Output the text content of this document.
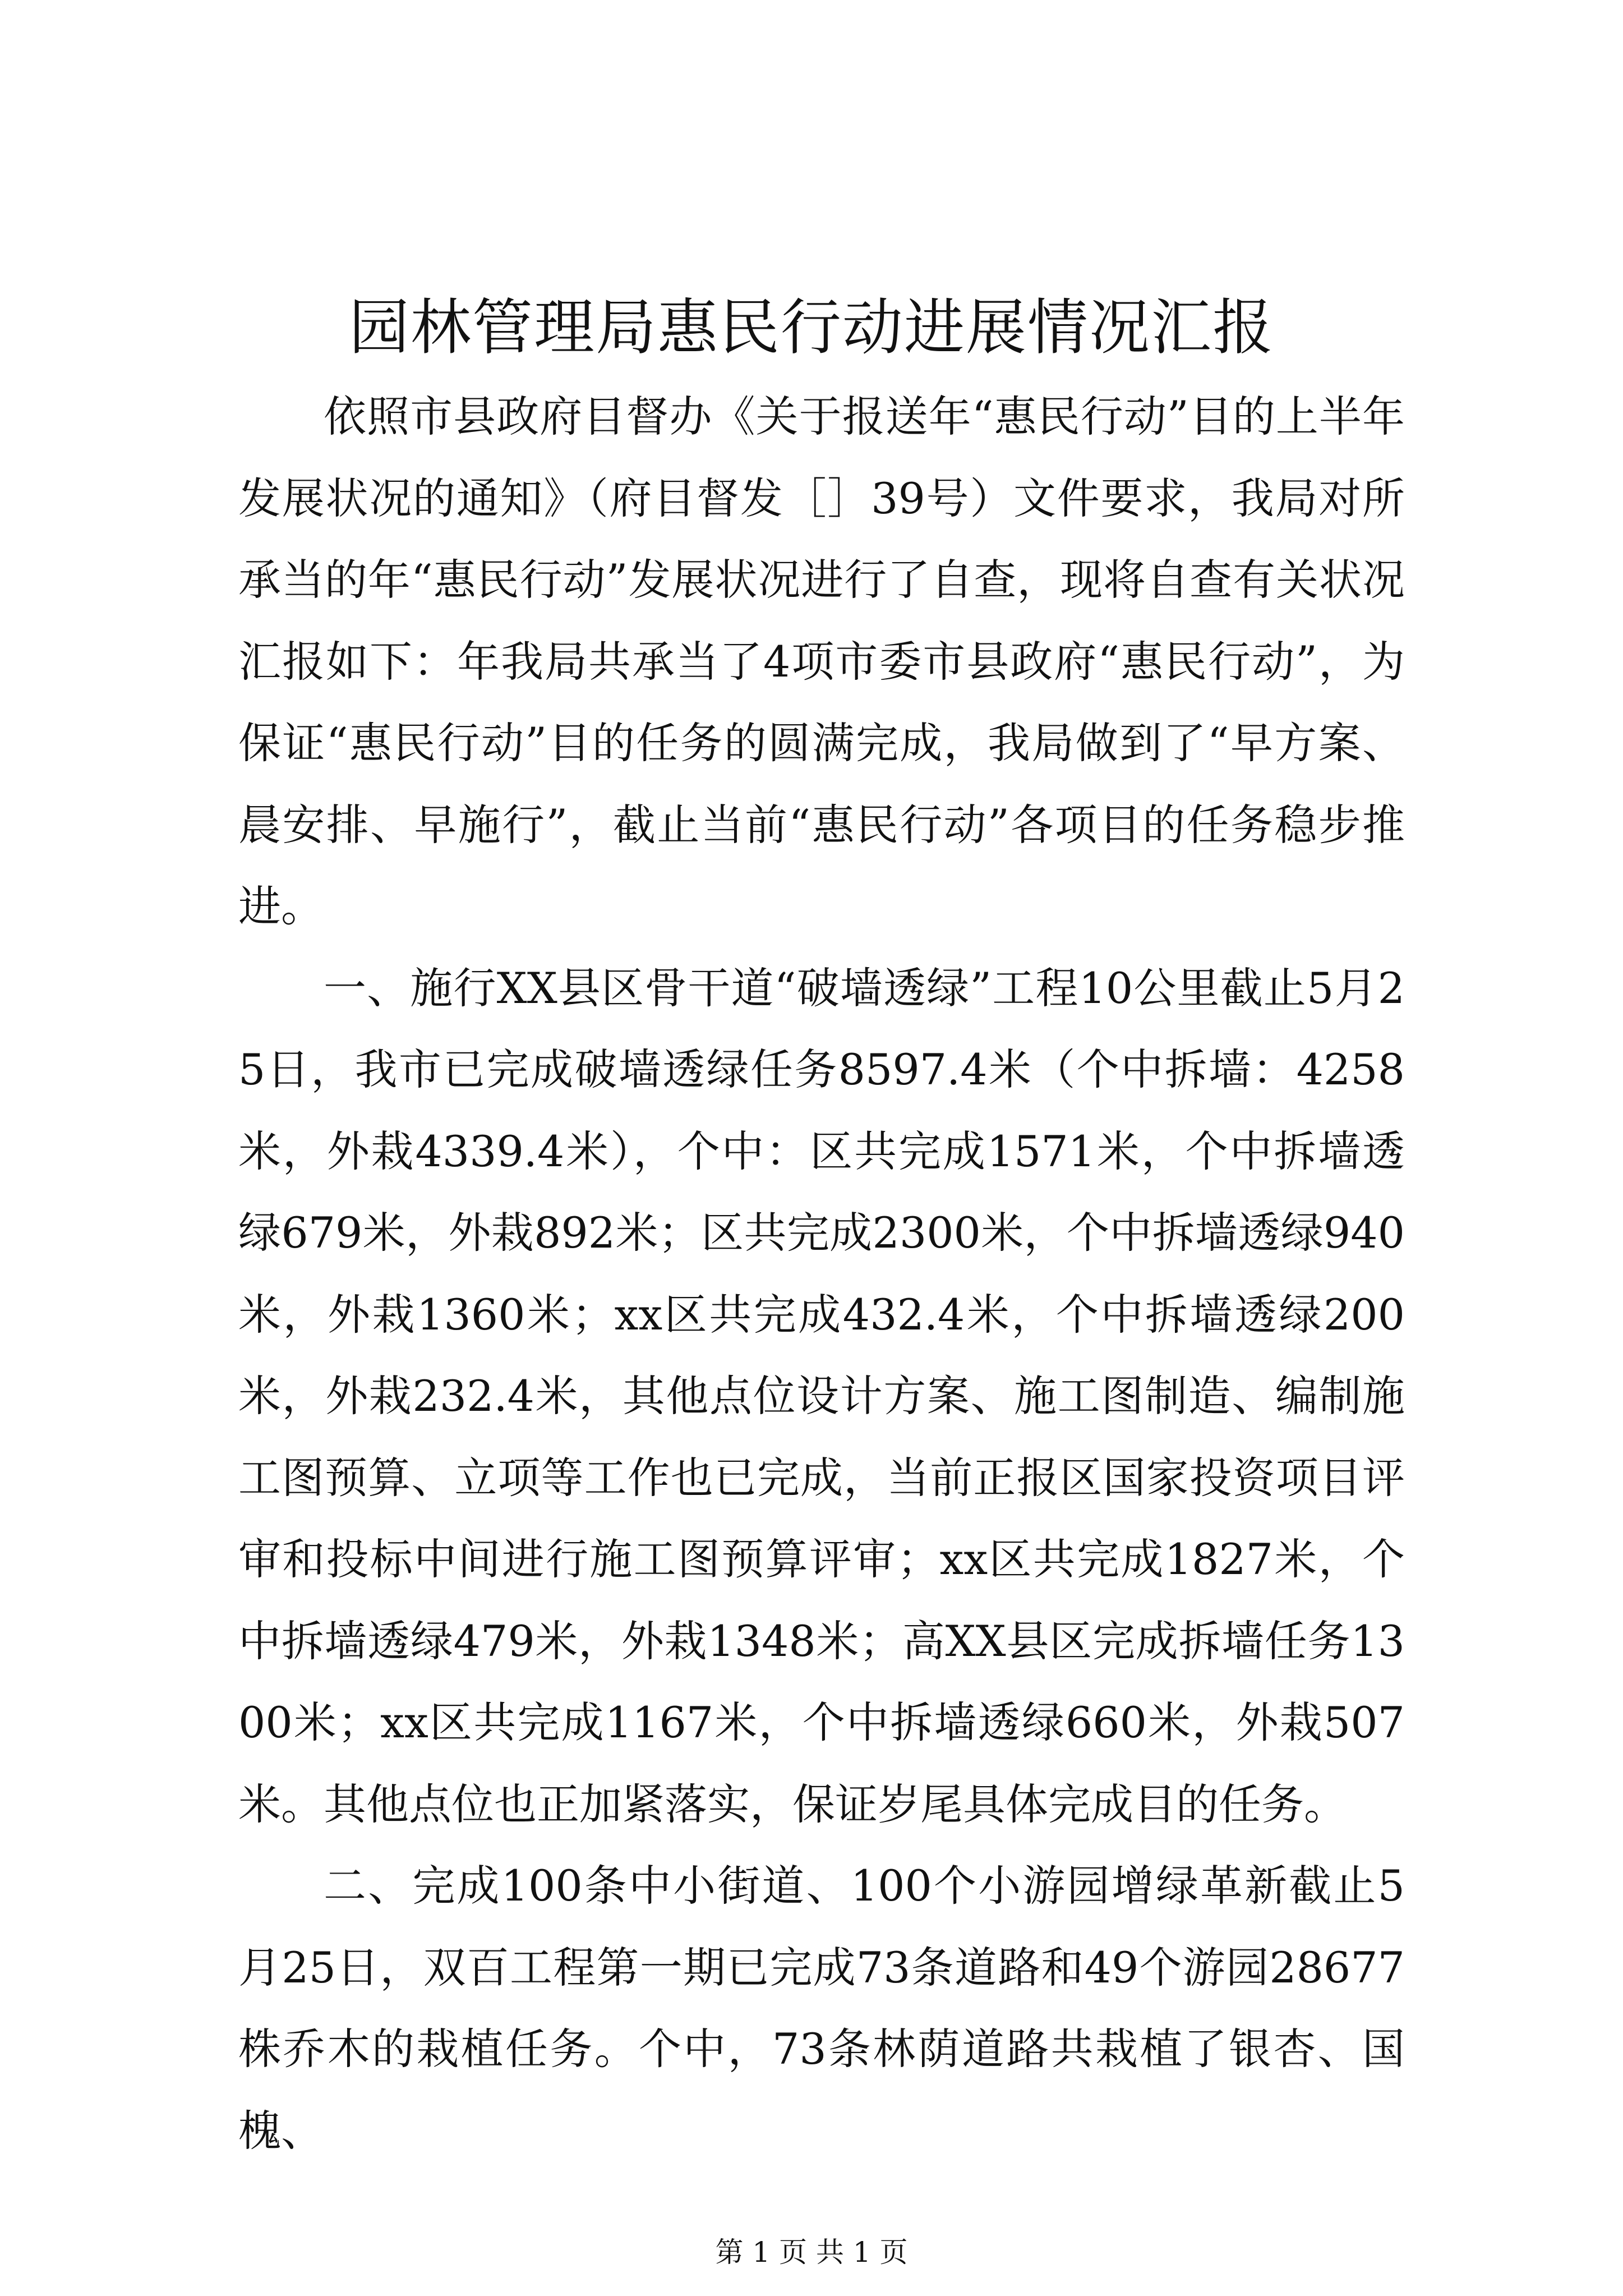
园林管理局惠民行动进展情况汇报

依照市县政府目督办《关于报送年“惠民行动”目的上半年发展状况的通知》（府目督发［］39号）文件要求，我局对所承当的年“惠民行动”发展状况进行了自查，现将自查有关状况汇报如下：年我局共承当了4项市委市县政府“惠民行动”，为保证“惠民行动”目的任务的圆满完成，我局做到了“早方案、晨安排、早施行”，截止当前“惠民行动”各项目的任务稳步推进。

一、施行XX县区骨干道“破墙透绿”工程10公里截止5月25日，我市已完成破墙透绿任务8597.4米（个中拆墙：4258米，外栽4339.4米），个中：区共完成1571米，个中拆墙透绿679米，外栽892米；区共完成2300米，个中拆墙透绿940米，外栽1360米；xx区共完成432.4米，个中拆墙透绿200米，外栽232.4米，其他点位设计方案、施工图制造、编制施工图预算、立项等工作也已完成，当前正报区国家投资项目评审和投标中间进行施工图预算评审；xx区共完成1827米，个中拆墙透绿479米，外栽1348米；高XX县区完成拆墙任务1300米；xx区共完成1167米，个中拆墙透绿660米，外栽507米。其他点位也正加紧落实，保证岁尾具体完成目的任务。

二、完成100条中小街道、100个小游园增绿革新截止5月25日，双百工程第一期已完成73条道路和49个游园28677株乔木的栽植任务。个中，73条林荫道路共栽植了银杏、国槐、

第 1 页 共 1 页
